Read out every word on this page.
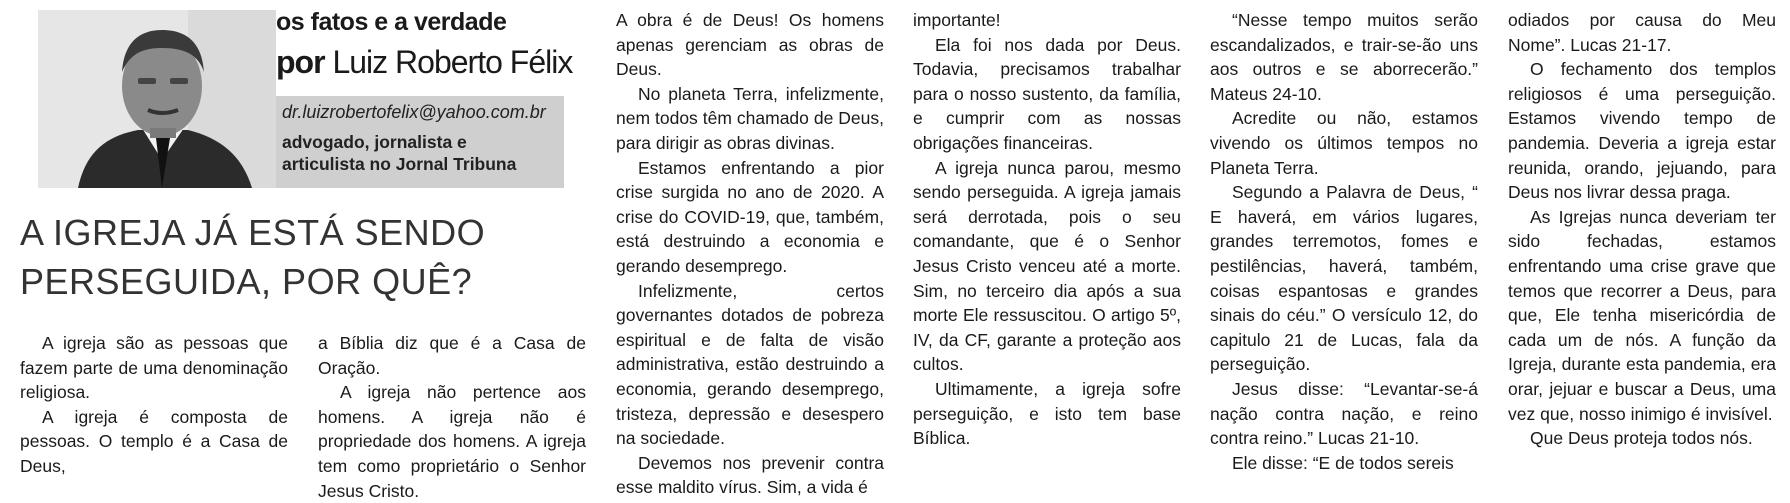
os fatos e a verdade
por Luiz Roberto Félix
dr.luizrobertofelix@yahoo.com.br
advogado, jornalista e
articulista no Jornal Tribuna
A IGREJA JÁ ESTÁ SENDO
PERSEGUIDA, POR QUÊ?

A igreja são as pessoas que fazem parte de uma denominação religiosa.

A igreja é composta de pessoas. O templo é a Casa de Deus,

a Bíblia diz que é a Casa de Oração.

A igreja não pertence aos homens. A igreja não é propriedade dos homens. A igreja tem como proprietário o Senhor Jesus Cristo.

A obra é de Deus! Os homens apenas gerenciam as obras de Deus.

No planeta Terra, infelizmente, nem todos têm chamado de Deus, para dirigir as obras divinas.

Estamos enfrentando a pior crise surgida no ano de 2020. A crise do COVID-19, que, também, está destruindo a economia e gerando desemprego.

Infelizmente, certos governantes dotados de pobreza espiritual e de falta de visão administrativa, estão destruindo a economia, gerando desemprego, tristeza, depressão e desespero na sociedade.

Devemos nos prevenir contra esse maldito vírus. Sim, a vida é

importante!

Ela foi nos dada por Deus. Todavia, precisamos trabalhar para o nosso sustento, da família, e cumprir com as nossas obrigações financeiras.

A igreja nunca parou, mesmo sendo perseguida. A igreja jamais será derrotada, pois o seu comandante, que é o Senhor Jesus Cristo venceu até a morte. Sim, no terceiro dia após a sua morte Ele ressuscitou. O artigo 5º, IV, da CF, garante a proteção aos cultos.

Ultimamente, a igreja sofre perseguição, e isto tem base Bíblica.

“Nesse tempo muitos serão escandalizados, e trair-se-ão uns aos outros e se aborrecerão.” Mateus 24-10.

Acredite ou não, estamos vivendo os últimos tempos no Planeta Terra.

Segundo a Palavra de Deus, “ E haverá, em vários lugares, grandes terremotos, fomes e pestilências, haverá, também, coisas espantosas e grandes sinais do céu.” O versículo 12, do capitulo 21 de Lucas, fala da perseguição.

Jesus disse: “Levantar-se-á nação contra nação, e reino contra reino.” Lucas 21-10.

Ele disse: “E de todos sereis

odiados por causa do Meu Nome”. Lucas 21-17.

O fechamento dos templos religiosos é uma perseguição. Estamos vivendo tempo de pandemia. Deveria a igreja estar reunida, orando, jejuando, para Deus nos livrar dessa praga.

As Igrejas nunca deveriam ter sido fechadas, estamos enfrentando uma crise grave que temos que recorrer a Deus, para que, Ele tenha misericórdia de cada um de nós. A função da Igreja, durante esta pandemia, era orar, jejuar e buscar a Deus, uma vez que, nosso inimigo é invisível.

Que Deus proteja todos nós.
